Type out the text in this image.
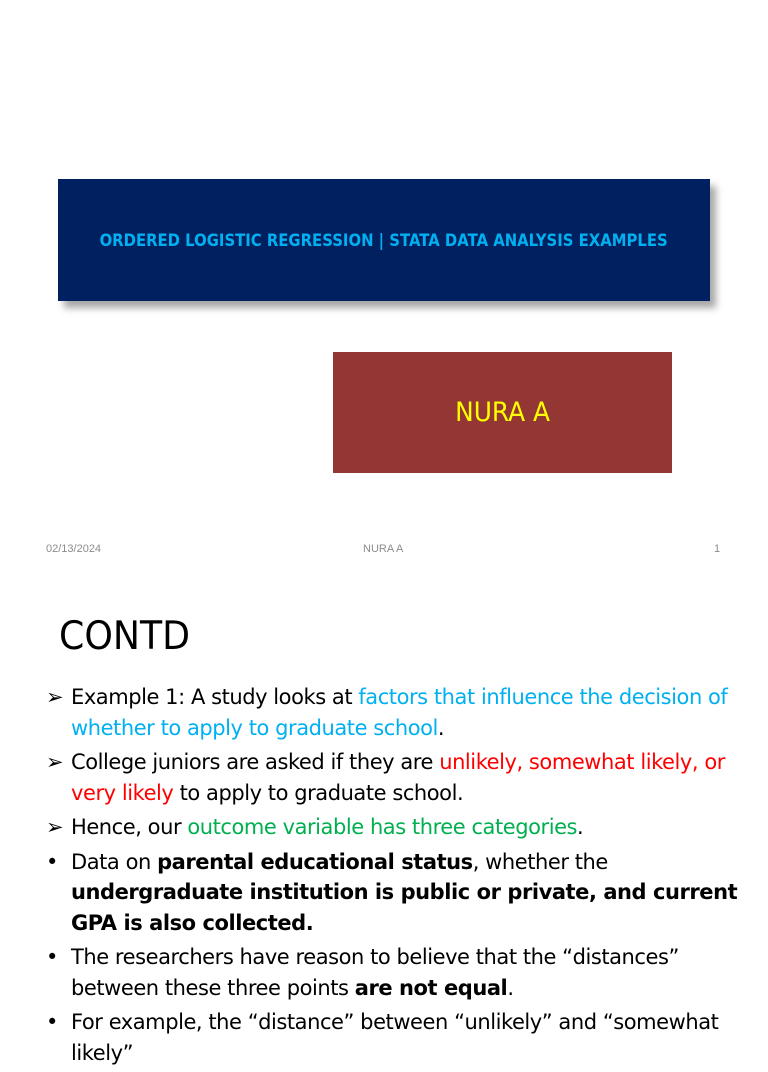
ORDERED LOGISTIC REGRESSION | STATA DATA ANALYSIS EXAMPLES
NURA A
02/13/2024	NURA A	1
CONTD
➢ Example 1: A study looks at factors that influence the decision of whether to apply to graduate school.
➢ College juniors are asked if they are unlikely, somewhat likely, or very likely to apply to graduate school.
➢ Hence, our outcome variable has three categories.
• Data on parental educational status, whether the undergraduate institution is public or private, and current GPA is also collected.
• The researchers have reason to believe that the “distances” between these three points are not equal.
• For example, the “distance” between “unlikely” and “somewhat likely”
